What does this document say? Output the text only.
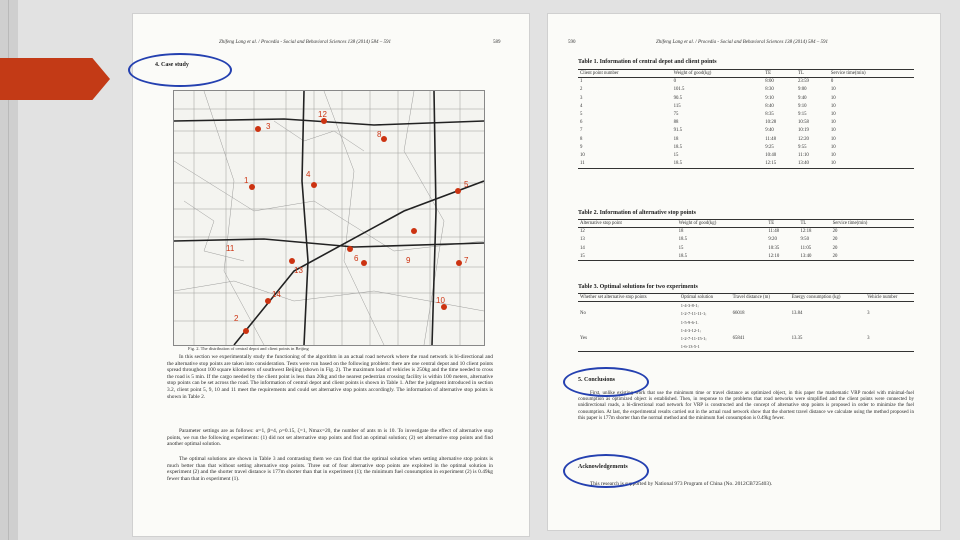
Zhifeng Lang et al. / Procedia - Social and Behavioral Sciences 138 (2014) 584 – 591	589
4. Case study
1
2
3
4
5
6	7
8
9
10
11
12
13
14
Fig. 2. The distribution of central depot and client points in Beijing

In this section we experimentally study the functioning of the algorithm in an actual road network where the road network is bi-directional and the alternative stop points are taken into consideration. Tests were run based on the following problem: there are one central depot and 10 client points spread throughout 100 square kilometers of southwest Beijing (shown in Fig. 2). The maximum load of vehicles is 250kg and the time needed to cross the road is 5 min. If the cargo needed by the client point is less than 20kg and the nearest pedestrian crossing facility is within 100 meters, alternative stop points can be set across the road. The information of central depot and client points is shown in Table 1. After the judgment introduced in section 3.2, client point 5, 9, 10 and 11 meet the requirements and could set alternative stop points accordingly. The information of alternative stop points is shown in Table 2.

Parameter settings are as follows: α=1, β=4, ρ=0.15, ζ=1, Nmax=20, the number of ants m is 10. To investigate the effect of alternative stop points, we run the following experiments: (1) did not set alternative stop points and find an optimal solution; (2) set alternative stop points and find another optimal solution.

The optimal solutions are shown in Table 3 and contrasting them we can find that the optimal solution when setting alternative stop points is much better than that without setting alternative stop points. Three out of four alternative stop points are exploited in the optimal solution in experiment (2) and the shorter travel distance is 177m shorter than that in experiment (1); the minimum fuel consumption in experiment (2) is 0.49kg fewer than that in experiment (1).

590	Zhifeng Lang et al. / Procedia - Social and Behavioral Sciences 138 (2014) 584 – 591
Table 1. Information of central depot and client points
Client point number	Weight of good(kg)	TE	TL	Service time(min)
1	0	8:00	23:59	0
2	101.5	8:30	9:00	10
3	90.5	9:10	9:40	10
4	115	8:40	9:10	10
5	75	8:35	9:15	10
6	88	10:28	10:58	10
7	91.5	9:40	10:19	10
8	18	11:48	12:20	10
9	18.5	9:25	9:55	10
10	15	10:40	11:10	10
11	18.5	12:15	13:40	10
Table 2. Information of alternative stop points
Alternative stop point	Weight of good(kg)	TE	TL	Service time(min)
12	18	11:48	12:18	20
13	18.5	9:20	9:50	20
14	15	10:35	11:05	20
15	18.5	12:10	13:40	20
Table 3. Optimal solutions for two experiments
Whether set alternative stop points	Optimal solution	Travel distance (m)	Energy consumption (kg)	Vehicle number
	1-4-3-8-1;			
No	1-2-7-11-11-1;	66018	13.84	3
	1-5-9-6-1.			
	1-4-3-12-1;			
Yes	1-2-7-11-15-1;	65841	13.35	3
	1-6-13-5-1			
5. Conclusions

First, unlike existing work that use the minimum time or travel distance as optimized object, in this paper the mathematic VRP model with minimal-fuel consumption as optimized object is established. Then, in response to the problems that road networks were simplified and the client points were connected by unidirectional roads, a bi-directional road network for VRP is constructed and the concept of alternative stop points is proposed in order to minimize the fuel consumption. At last, the experimental results carried out in the actual road network show that the shortest travel distance we calculate using the method proposed in this paper is 177m shorter than the normal method and the minimum fuel consumption is 0.49kg fewer.

Acknowledgements

This research is supported by National 973 Program of China (No. 2012CB725403).
